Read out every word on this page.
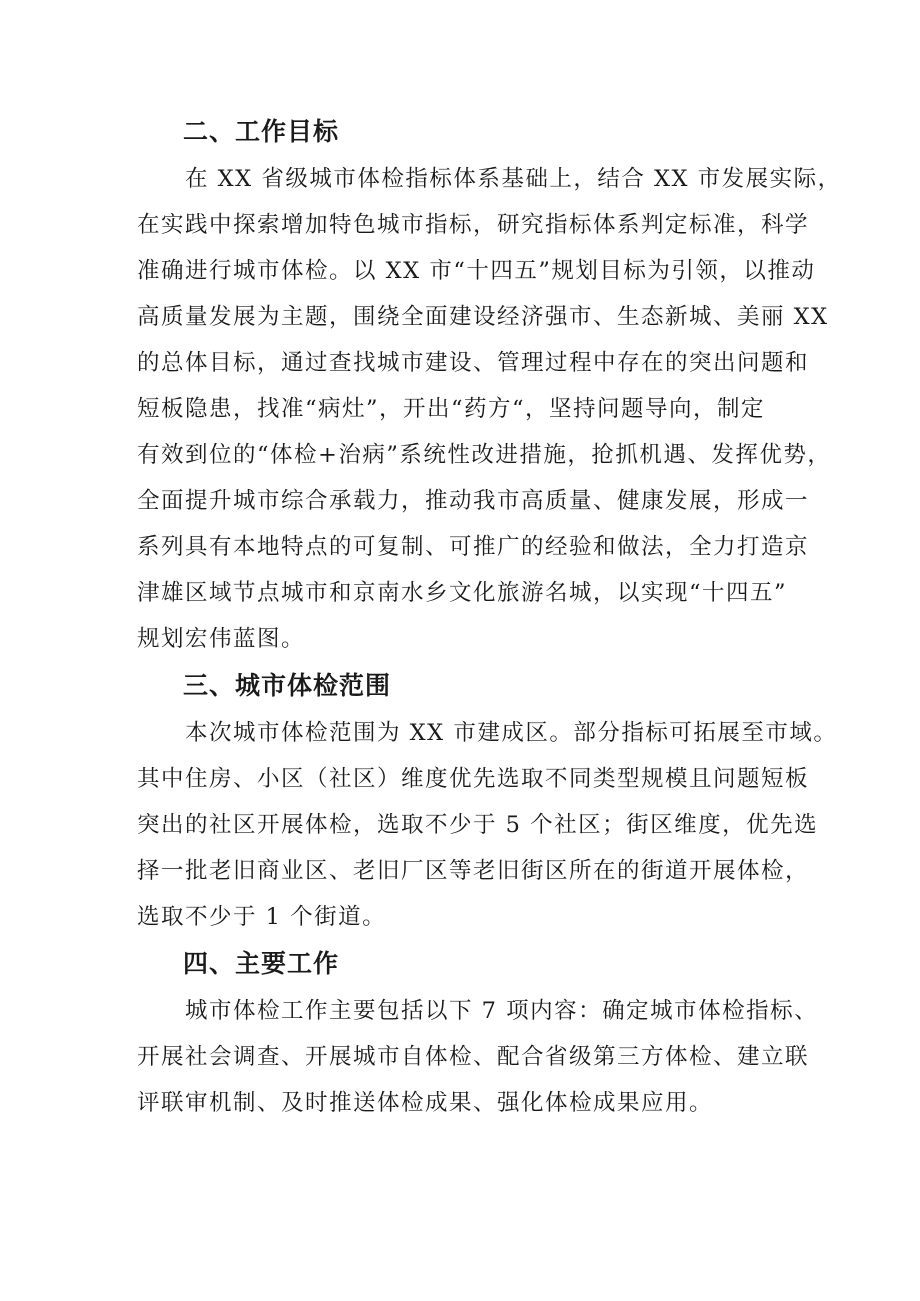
二、工作目标

在 XX 省级城市体检指标体系基础上，结合 XX 市发展实际，

在实践中探索增加特色城市指标，研究指标体系判定标准，科学

准确进行城市体检。以 XX 市“十四五”规划目标为引领，以推动

高质量发展为主题，围绕全面建设经济强市、生态新城、美丽 XX

的总体目标，通过查找城市建设、管理过程中存在的突出问题和

短板隐患，找准“病灶”，开出“药方“，坚持问题导向，制定

有效到位的“体检+治病”系统性改进措施，抢抓机遇、发挥优势，

全面提升城市综合承载力，推动我市高质量、健康发展，形成一

系列具有本地特点的可复制、可推广的经验和做法，全力打造京

津雄区域节点城市和京南水乡文化旅游名城，以实现“十四五”

规划宏伟蓝图。

三、城市体检范围

本次城市体检范围为 XX 市建成区。部分指标可拓展至市域。

其中住房、小区（社区）维度优先选取不同类型规模且问题短板

突出的社区开展体检，选取不少于 5 个社区；街区维度，优先选

择一批老旧商业区、老旧厂区等老旧街区所在的街道开展体检，

选取不少于 1 个街道。

四、主要工作

城市体检工作主要包括以下 7 项内容：确定城市体检指标、

开展社会调查、开展城市自体检、配合省级第三方体检、建立联

评联审机制、及时推送体检成果、强化体检成果应用。
